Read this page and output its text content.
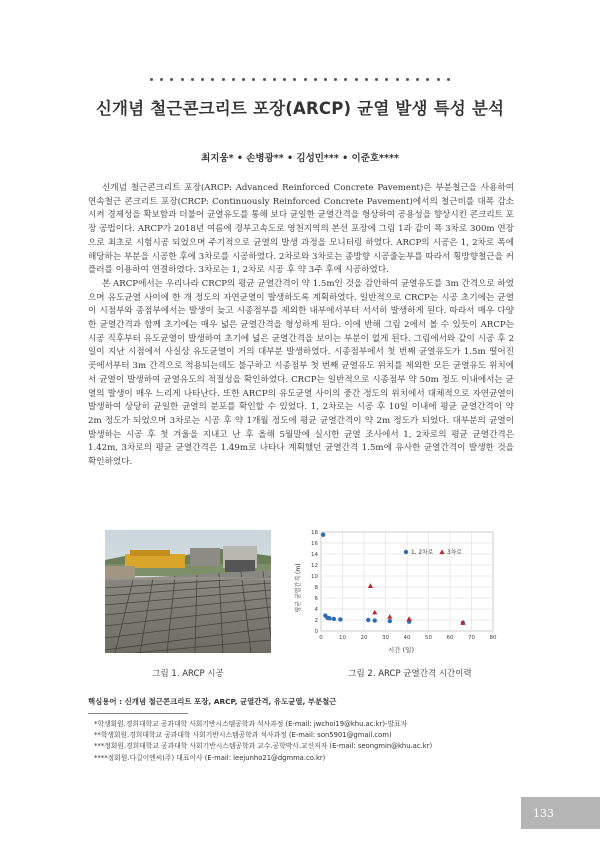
신개념 철근콘크리트 포장(ARCP) 균열 발생 특성 분석
최지웅* • 손병광** • 김성민*** • 이준호****

신개념 철근콘크리트 포장(ARCP: Advanced Reinforced Concrete Pavement)은 부분철근을 사용하여 연속철근 콘크리트 포장(CRCP: Continuously Reinforced Concrete Pavement)에서의 철근비를 대폭 감소시켜 경제성을 확보함과 더불어 균열유도를 통해 보다 균일한 균열간격을 형상하여 공용성을 향상시킨 콘크리트 포장 공법이다. ARCP가 2018년 여름에 경부고속도로 영천지역의 본선 포장에 그림 1과 같이 폭 3차로 300m 연장으로 최초로 시험시공 되었으며 주기적으로 균열의 발생 과정을 모니터링 하였다. ARCP의 시공은 1, 2차로 폭에 해당하는 부분을 시공한 후에 3차로를 시공하였다. 2차로와 3차로는 종방향 시공줄눈부를 따라서 횡방향철근을 커플러를 이용하여 연결하였다. 3차로는 1, 2차로 시공 후 약 3주 후에 시공하였다.

본 ARCP에서는 우리나라 CRCP의 평균 균열간격이 약 1.5m인 것을 감안하여 균열유도를 3m 간격으로 하였으며 유도균열 사이에 한 개 정도의 자연균열이 발생하도록 계획하였다. 일반적으로 CRCP는 시공 초기에는 균열이 시점부와 종점부에서는 발생이 늦고 시종점부를 제외한 내부에서부터 서서히 발생하게 된다. 따라서 매우 다양한 균열간격과 함께 초기에는 매우 넓은 균열간격을 형성하게 된다. 이에 반해 그림 2에서 볼 수 있듯이 ARCP는 시공 직후부터 유도균열이 발생하여 초기에 넓은 균열간격을 보이는 부분이 없게 된다. 그림에서와 같이 시공 후 2일이 지난 시점에서 사실상 유도균열이 거의 대부분 발생하였다. 시종점부에서 첫 번째 균열유도가 1.5m 떨어진 곳에서부터 3m 간격으로 적용되는데도 불구하고 시종점부 첫 번째 균열유도 위치를 제외한 모든 균열유도 위치에서 균열이 발생하여 균열유도의 적절성을 확인하였다. CRCP는 일반적으로 시종점부 약 50m 정도 이내에서는 균열의 발생이 매우 느리게 나타난다. 또한 ARCP의 유도균열 사이의 중간 정도의 위치에서 대체적으로 자연균열이 발생하여 상당히 균일한 균열의 분포를 확인할 수 있었다. 1, 2차로는 시공 후 10일 이내에 평균 균열간격이 약 2m 정도가 되었으며 3차로는 시공 후 약 1개월 정도에 평균 균열간격이 약 2m 정도가 되었다. 대부분의 균열이 발생하는 시공 후 첫 겨울을 지내고 난 후 올해 5월말에 실시한 균열 조사에서 1, 2차로의 평균 균열간격은 1.42m, 3차로의 평균 균열간격은 1.49m로 나타나 계획했던 균열간격 1.5m에 유사한 균열간격이 발생한 것을 확인하였다.

그림 1. ARCP 시공
0
2
4
6
8
10
12
14
16
18
0	10	20	30	40	50	60	70	80
시간 (일)
평균 균열간격 (m)
1, 2차로 3차로
그림 2. ARCP 균열간격 시간이력
핵심용어 : 신개념 철근콘크리트 포장, ARCP, 균열간격, 유도균열, 부분철근
*학생회원.경희대학교 공과대학 사회기반시스템공학과 석사과정 (E-mail: jwchoi19@khu.ac.kr)-발표자
**학생회원.경희대학교 공과대학 사회기반시스템공학과 석사과정 (E-mail: son5901@gmail.com)
***정회원.경희대학교 공과대학 사회기반시스템공학과 교수.공학박사.교신저자 (E-mail: seongmin@khu.ac.kr)
****정회원.다길이엔씨(주) 대표이사 (E-mail: leejunho21@dgmma.co.kr)
133
